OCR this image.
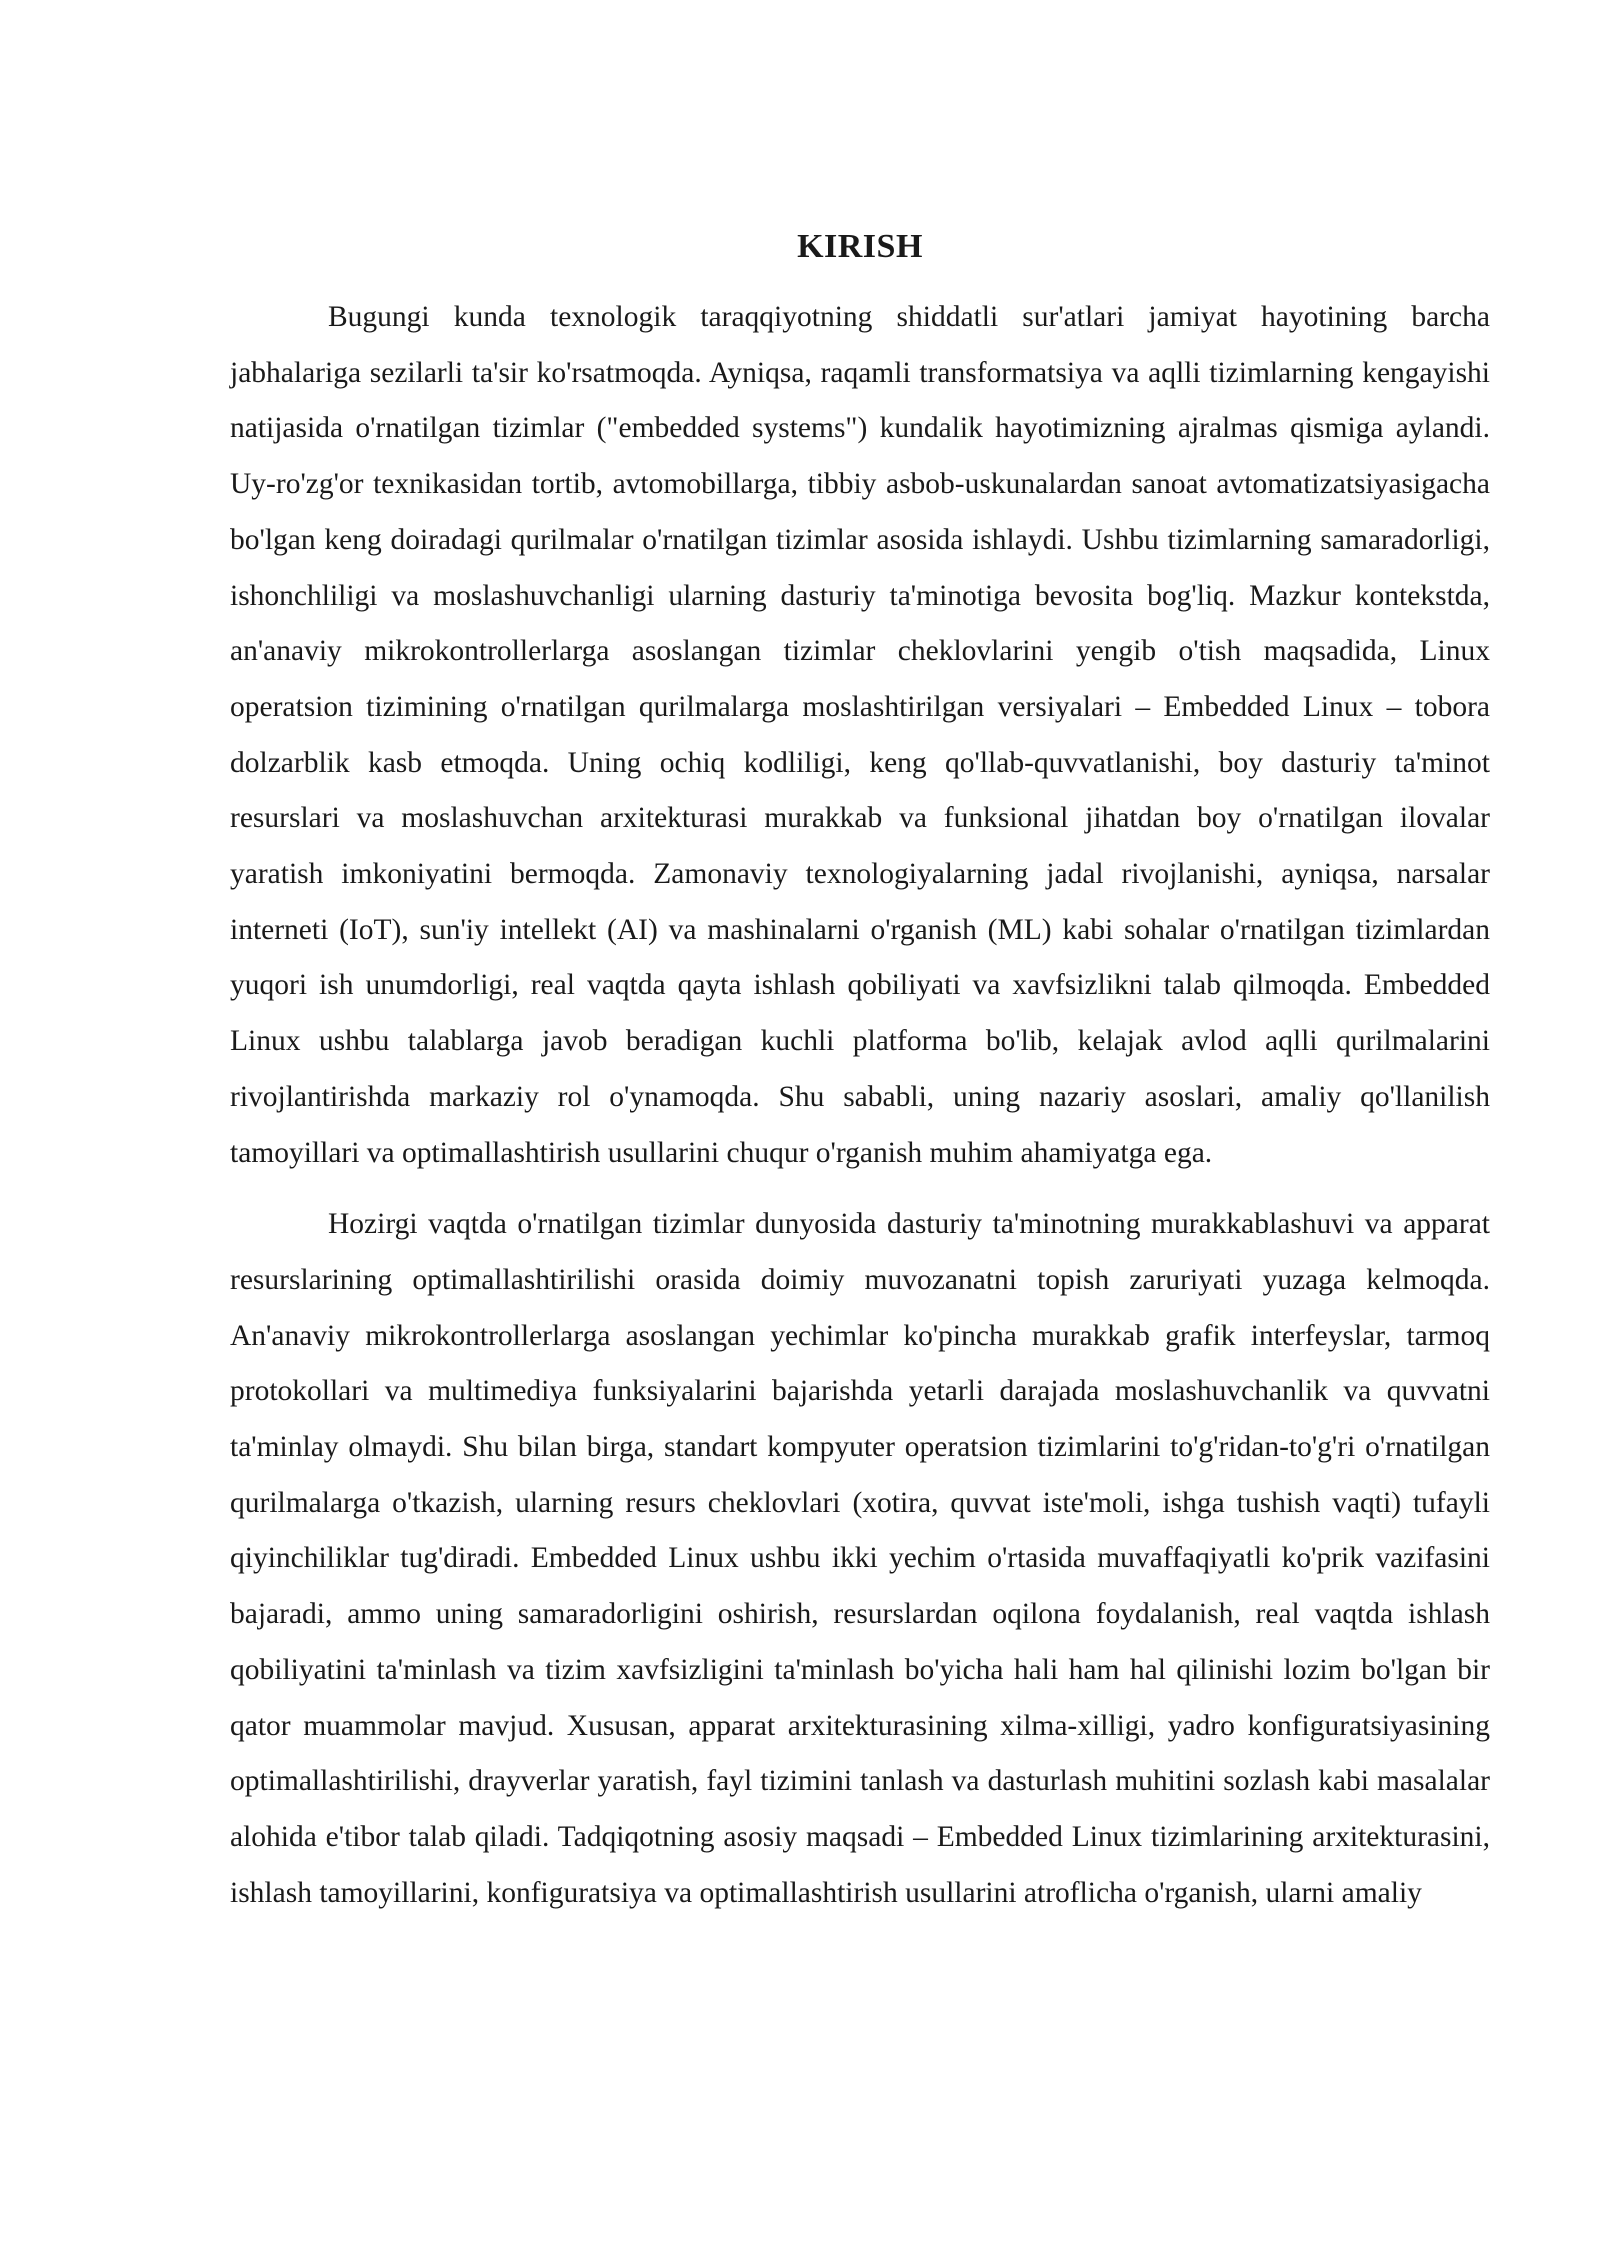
KIRISH

Bugungi kunda texnologik taraqqiyotning shiddatli sur'atlari jamiyat hayotining barcha jabhalariga sezilarli ta'sir ko'rsatmoqda. Ayniqsa, raqamli transformatsiya va aqlli tizimlarning kengayishi natijasida o'rnatilgan tizimlar ("embedded systems") kundalik hayotimizning ajralmas qismiga aylandi. Uy-ro'zg'or texnikasidan tortib, avtomobillarga, tibbiy asbob-uskunalardan sanoat avtomatizatsiyasigacha bo'lgan keng doiradagi qurilmalar o'rnatilgan tizimlar asosida ishlaydi. Ushbu tizimlarning samaradorligi, ishonchliligi va moslashuvchanligi ularning dasturiy ta'minotiga bevosita bog'liq. Mazkur kontekstda, an'anaviy mikrokontrollerlarga asoslangan tizimlar cheklovlarini yengib o'tish maqsadida, Linux operatsion tizimining o'rnatilgan qurilmalarga moslashtirilgan versiyalari – Embedded Linux – tobora dolzarblik kasb etmoqda. Uning ochiq kodliligi, keng qo'llab-quvvatlanishi, boy dasturiy ta'minot resurslari va moslashuvchan arxitekturasi murakkab va funksional jihatdan boy o'rnatilgan ilovalar yaratish imkoniyatini bermoqda. Zamonaviy texnologiyalarning jadal rivojlanishi, ayniqsa, narsalar interneti (IoT), sun'iy intellekt (AI) va mashinalarni o'rganish (ML) kabi sohalar o'rnatilgan tizimlardan yuqori ish unumdorligi, real vaqtda qayta ishlash qobiliyati va xavfsizlikni talab qilmoqda. Embedded Linux ushbu talablarga javob beradigan kuchli platforma bo'lib, kelajak avlod aqlli qurilmalarini rivojlantirishda markaziy rol o'ynamoqda. Shu sababli, uning nazariy asoslari, amaliy qo'llanilish tamoyillari va optimallashtirish usullarini chuqur o'rganish muhim ahamiyatga ega.

Hozirgi vaqtda o'rnatilgan tizimlar dunyosida dasturiy ta'minotning murakkablashuvi va apparat resurslarining optimallashtirilishi orasida doimiy muvozanatni topish zaruriyati yuzaga kelmoqda. An'anaviy mikrokontrollerlarga asoslangan yechimlar ko'pincha murakkab grafik interfeyslar, tarmoq protokollari va multimediya funksiyalarini bajarishda yetarli darajada moslashuvchanlik va quvvatni ta'minlay olmaydi. Shu bilan birga, standart kompyuter operatsion tizimlarini to'g'ridan-to'g'ri o'rnatilgan qurilmalarga o'tkazish, ularning resurs cheklovlari (xotira, quvvat iste'moli, ishga tushish vaqti) tufayli qiyinchiliklar tug'diradi. Embedded Linux ushbu ikki yechim o'rtasida muvaffaqiyatli ko'prik vazifasini bajaradi, ammo uning samaradorligini oshirish, resurslardan oqilona foydalanish, real vaqtda ishlash qobiliyatini ta'minlash va tizim xavfsizligini ta'minlash bo'yicha hali ham hal qilinishi lozim bo'lgan bir qator muammolar mavjud. Xususan, apparat arxitekturasining xilma-xilligi, yadro konfiguratsiyasining optimallashtirilishi, drayverlar yaratish, fayl tizimini tanlash va dasturlash muhitini sozlash kabi masalalar alohida e'tibor talab qiladi. Tadqiqotning asosiy maqsadi – Embedded Linux tizimlarining arxitekturasini, ishlash tamoyillarini, konfiguratsiya va optimallashtirish usullarini atroflicha o'rganish, ularni amaliy
